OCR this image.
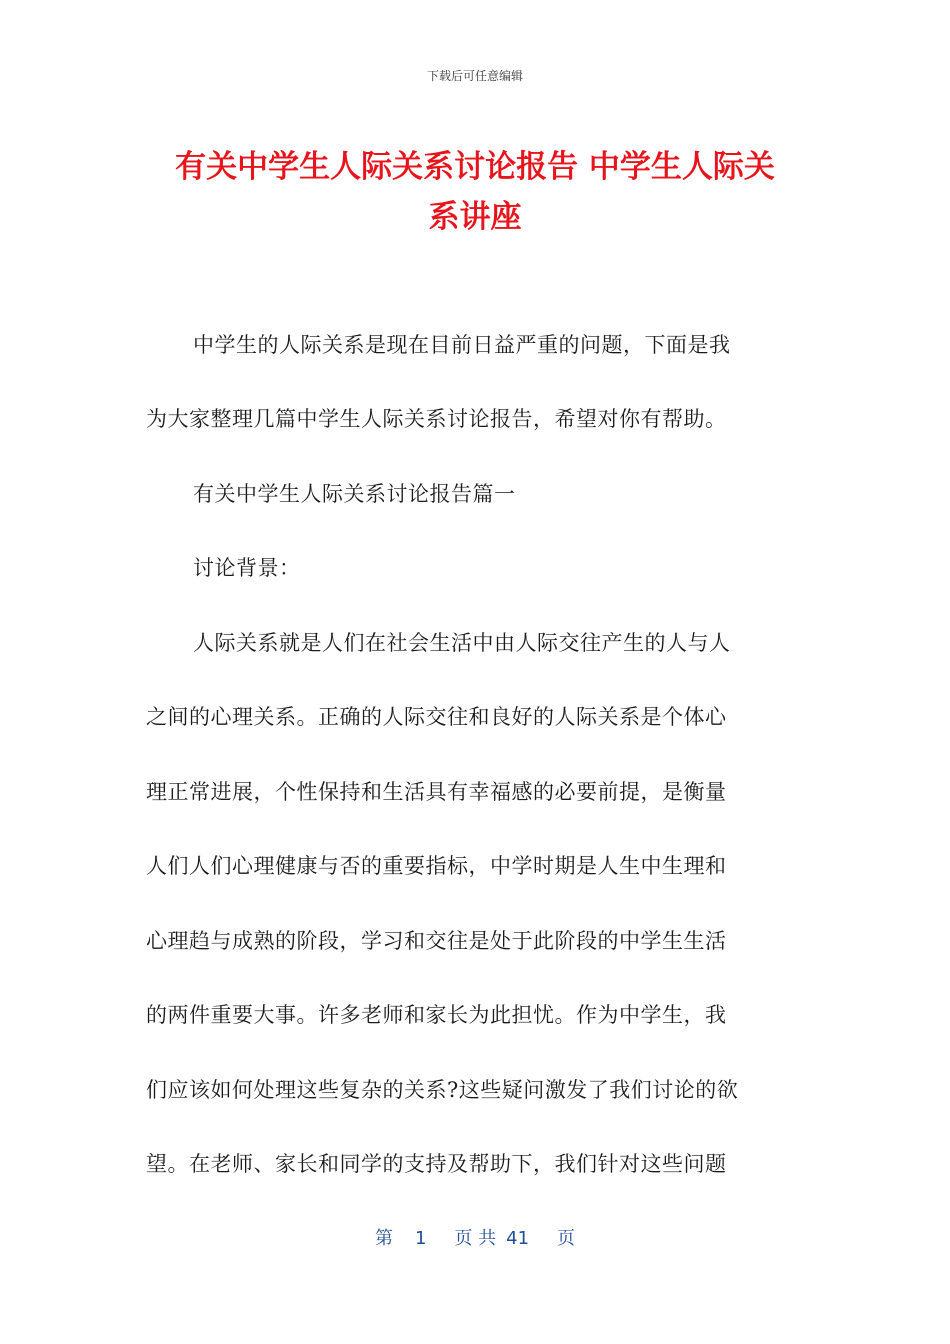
下载后可任意编辑
有关中学生人际关系讨论报告 中学生人际关
系讲座
中学生的人际关系是现在目前日益严重的问题，下面是我
为大家整理几篇中学生人际关系讨论报告，希望对你有帮助。
有关中学生人际关系讨论报告篇一
讨论背景：
人际关系就是人们在社会生活中由人际交往产生的人与人
之间的心理关系。正确的人际交往和良好的人际关系是个体心
理正常进展，个性保持和生活具有幸福感的必要前提，是衡量
人们人们心理健康与否的重要指标，中学时期是人生中生理和
心理趋与成熟的阶段，学习和交往是处于此阶段的中学生生活
的两件重要大事。许多老师和家长为此担忧。作为中学生，我
们应该如何处理这些复杂的关系?这些疑问激发了我们讨论的欲
望。在老师、家长和同学的支持及帮助下，我们针对这些问题
第 1 页 共 41 页
